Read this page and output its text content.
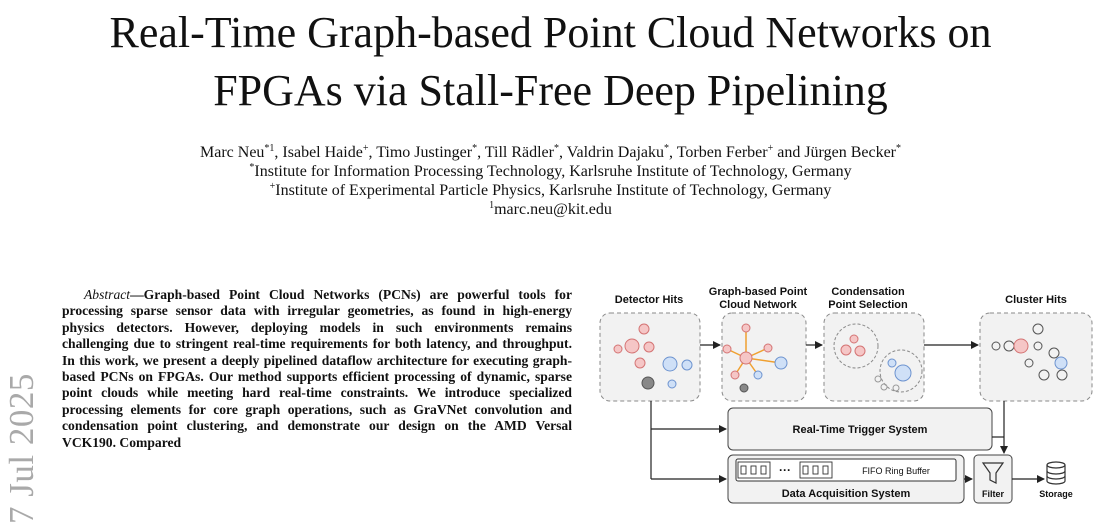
Real-Time Graph-based Point Cloud Networks on
FPGAs via Stall-Free Deep Pipelining
Marc Neu$^{*1}$, Isabel Haide+, Timo Justinger*, Till Rädler*, Valdrin Dajaku*, Torben Ferber+ and Jürgen Becker*
*Institute for Information Processing Technology, Karlsruhe Institute of Technology, Germany
+Institute of Experimental Particle Physics, Karlsruhe Institute of Technology, Germany
$^1$marc.neu@kit.edu
7 Jul 2025
Abstract—Graph-based Point Cloud Networks (PCNs) are powerful tools for processing sparse sensor data with irregular geometries, as found in high-energy physics detectors. However, deploying models in such environments remains challenging due to stringent real-time requirements for both latency, and throughput. In this work, we present a deeply pipelined dataflow architecture for executing graph-based PCNs on FPGAs. Our method supports efficient processing of dynamic, sparse point clouds while meeting hard real-time constraints. We introduce specialized processing elements for core graph operations, such as GraVNet convolution and condensation point clustering, and demonstrate our design on the AMD Versal VCK190. Compared
Detector Hits
Graph-based Point
Cloud Network
Condensation
Point Selection	Cluster Hits
Real-Time Trigger System
···	FIFO Ring Buffer
Data Acquisition System	Filter	Storage
